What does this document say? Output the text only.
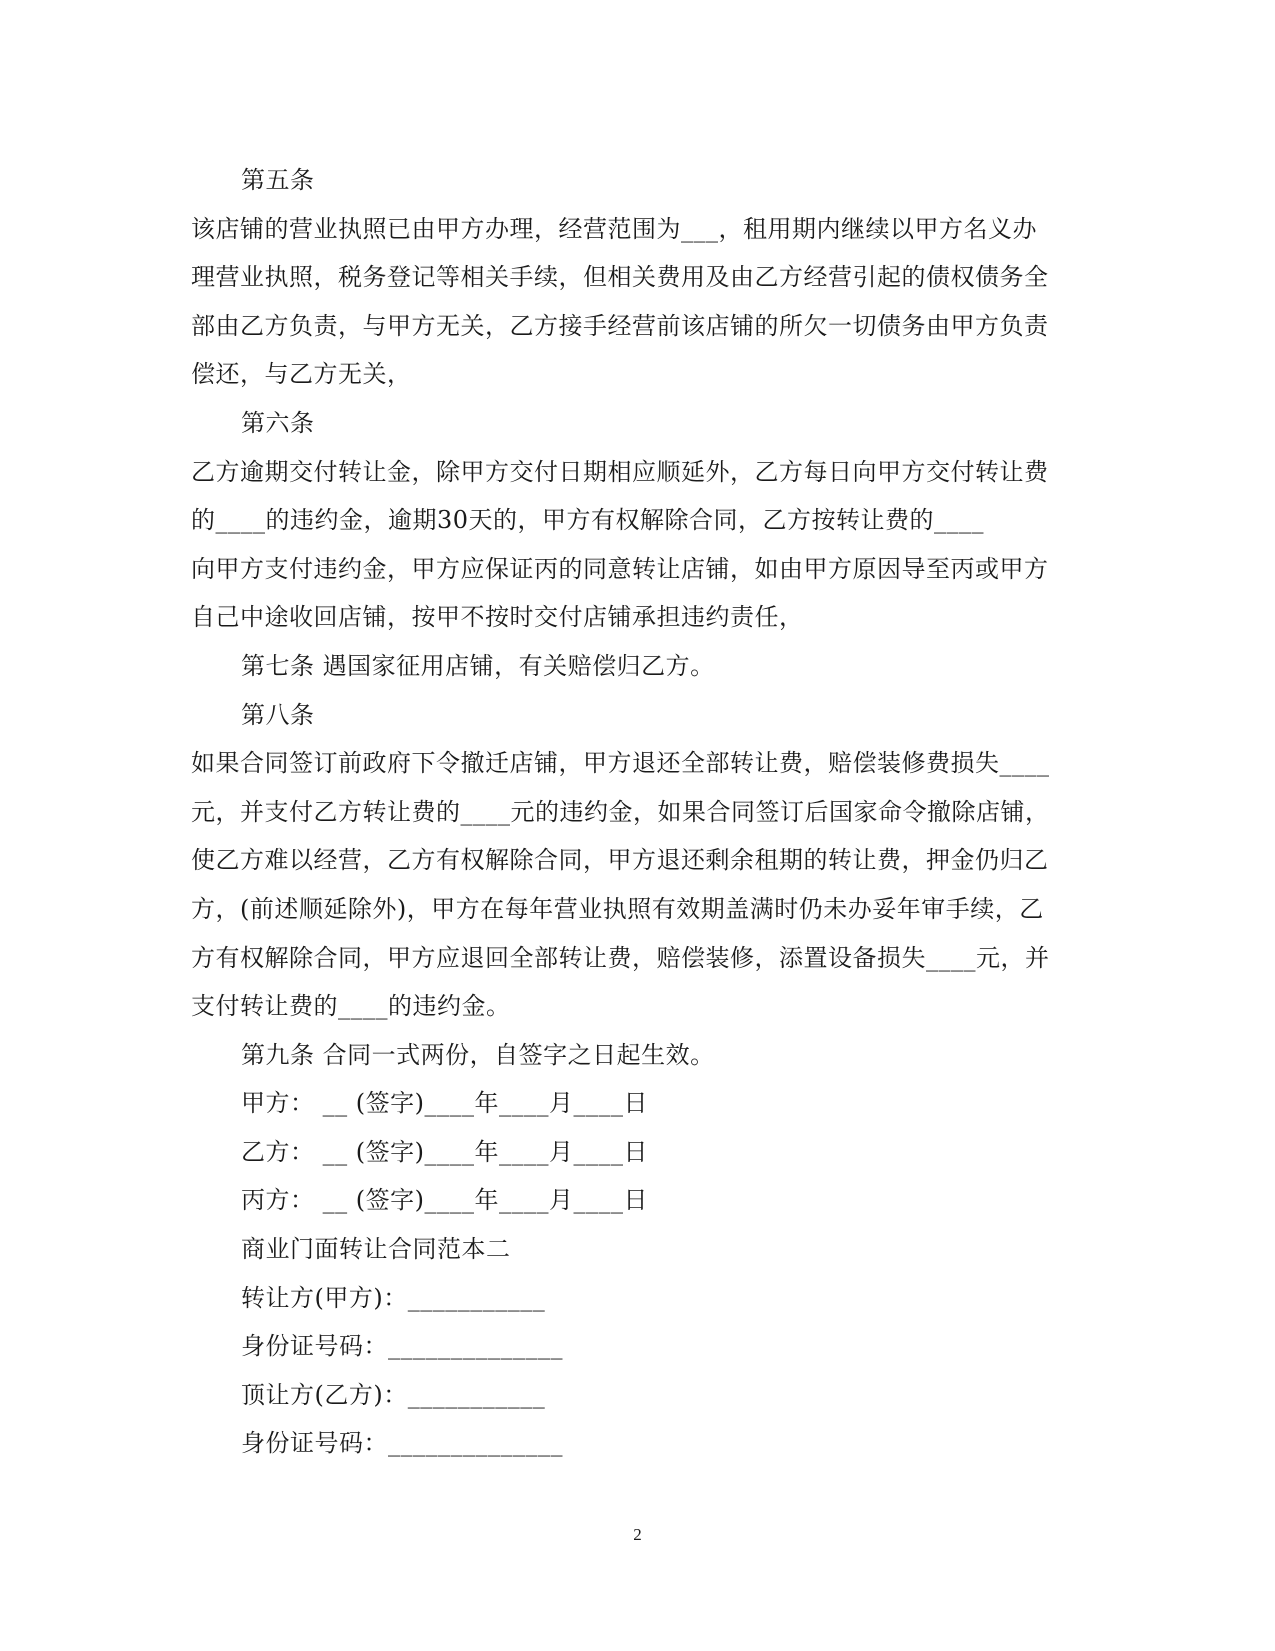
第五条
该店铺的营业执照已由甲方办理，经营范围为___，租用期内继续以甲方名义办
理营业执照，税务登记等相关手续，但相关费用及由乙方经营引起的债权债务全
部由乙方负责，与甲方无关，乙方接手经营前该店铺的所欠一切债务由甲方负责
偿还，与乙方无关，
第六条
乙方逾期交付转让金，除甲方交付日期相应顺延外，乙方每日向甲方交付转让费
的____的违约金，逾期30天的，甲方有权解除合同，乙方按转让费的____
向甲方支付违约金，甲方应保证丙的同意转让店铺，如由甲方原因导至丙或甲方
自己中途收回店铺，按甲不按时交付店铺承担违约责任，
第七条 遇国家征用店铺，有关赔偿归乙方。
第八条
如果合同签订前政府下令撤迁店铺，甲方退还全部转让费，赔偿装修费损失____
元，并支付乙方转让费的____元的违约金，如果合同签订后国家命令撤除店铺，
使乙方难以经营，乙方有权解除合同，甲方退还剩余租期的转让费，押金仍归乙
方，(前述顺延除外)，甲方在每年营业执照有效期盖满时仍未办妥年审手续，乙
方有权解除合同，甲方应退回全部转让费，赔偿装修，添置设备损失____元，并
支付转让费的____的违约金。
第九条 合同一式两份，自签字之日起生效。
甲方： __ (签字)____年____月____日
乙方： __ (签字)____年____月____日
丙方： __ (签字)____年____月____日
商业门面转让合同范本二
转让方(甲方)：___________
身份证号码：______________
顶让方(乙方)：___________
身份证号码：______________
2
